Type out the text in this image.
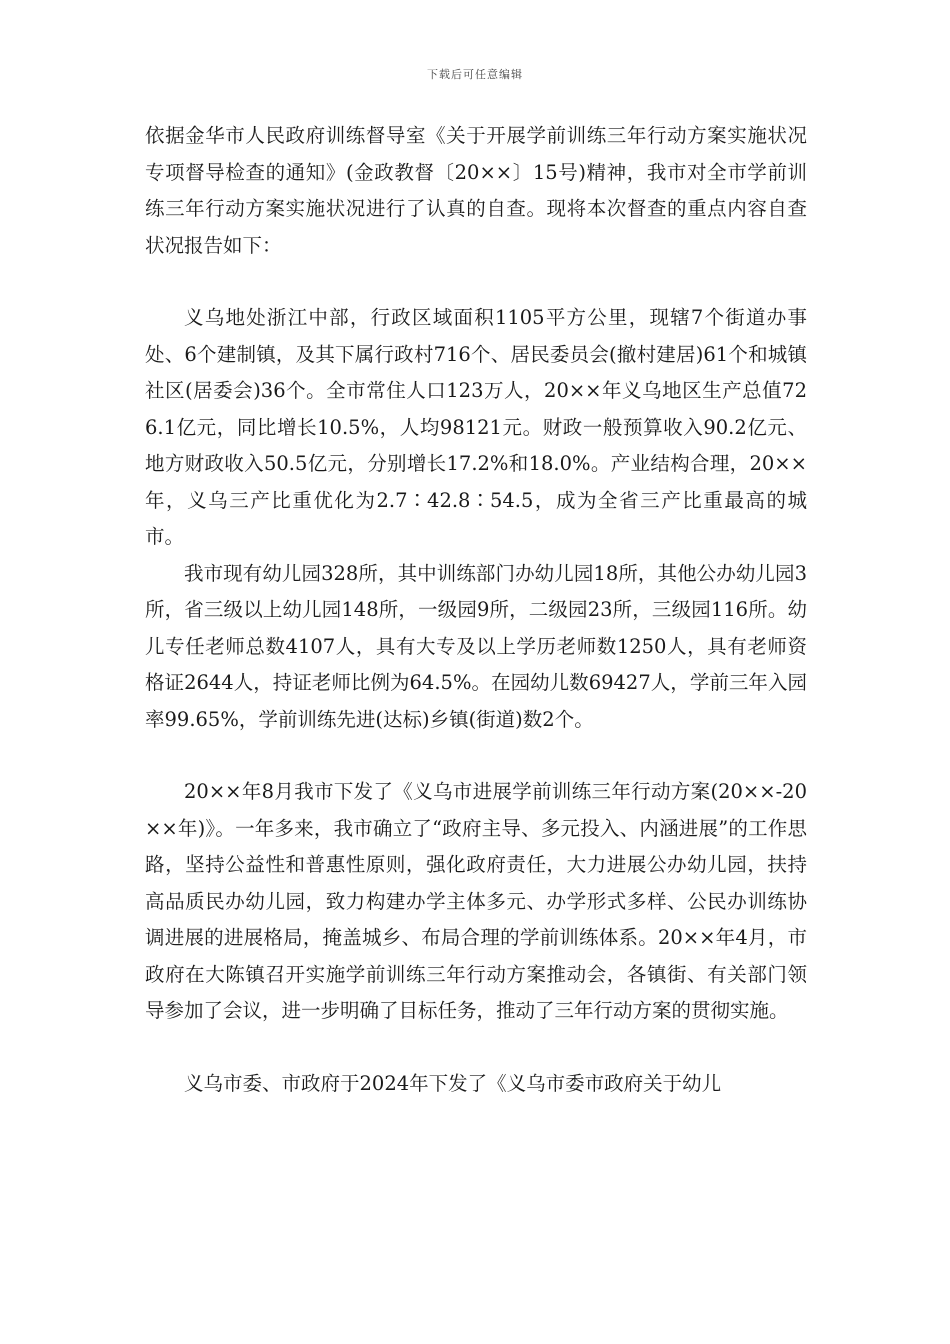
下载后可任意编辑

依据金华市人民政府训练督导室《关于开展学前训练三年行动方案实施状况专项督导检查的通知》(金政教督〔20××〕15号)精神，我市对全市学前训练三年行动方案实施状况进行了认真的自查。现将本次督查的重点内容自查状况报告如下：

义乌地处浙江中部，行政区域面积1105平方公里，现辖7个街道办事处、6个建制镇，及其下属行政村716个、居民委员会(撤村建居)61个和城镇社区(居委会)36个。全市常住人口123万人，20××年义乌地区生产总值726.1亿元，同比增长10.5%，人均98121元。财政一般预算收入90.2亿元、地方财政收入50.5亿元，分别增长17.2%和18.0%。产业结构合理，20××年，义乌三产比重优化为2.7∶42.8∶54.5，成为全省三产比重最高的城市。

我市现有幼儿园328所，其中训练部门办幼儿园18所，其他公办幼儿园3所，省三级以上幼儿园148所，一级园9所，二级园23所，三级园116所。幼儿专任老师总数4107人，具有大专及以上学历老师数1250人，具有老师资格证2644人，持证老师比例为64.5%。在园幼儿数69427人，学前三年入园率99.65%，学前训练先进(达标)乡镇(街道)数2个。

20××年8月我市下发了《义乌市进展学前训练三年行动方案(20××-20××年)》。一年多来，我市确立了“政府主导、多元投入、内涵进展”的工作思路，坚持公益性和普惠性原则，强化政府责任，大力进展公办幼儿园，扶持高品质民办幼儿园，致力构建办学主体多元、办学形式多样、公民办训练协调进展的进展格局，掩盖城乡、布局合理的学前训练体系。20××年4月，市政府在大陈镇召开实施学前训练三年行动方案推动会，各镇街、有关部门领导参加了会议，进一步明确了目标任务，推动了三年行动方案的贯彻实施。

义乌市委、市政府于2024年下发了《义乌市委市政府关于幼儿
